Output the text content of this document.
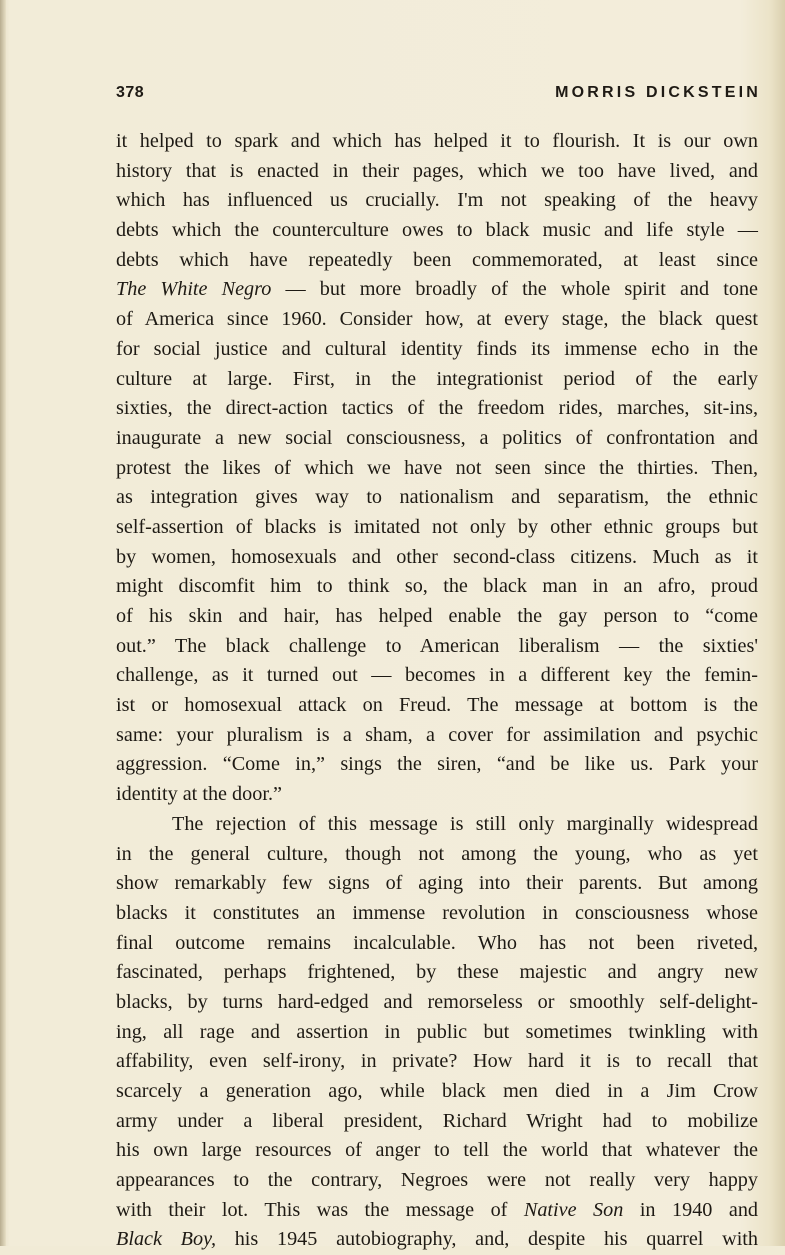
378	MORRIS DICKSTEIN
it helped to spark and which has helped it to flourish. It is our own
history that is enacted in their pages, which we too have lived, and
which has influenced us crucially. I'm not speaking of the heavy
debts which the counterculture owes to black music and life style —
debts which have repeatedly been commemorated, at least since
The White Negro — but more broadly of the whole spirit and tone
of America since 1960. Consider how, at every stage, the black quest
for social justice and cultural identity finds its immense echo in the
culture at large. First, in the integrationist period of the early
sixties, the direct-action tactics of the freedom rides, marches, sit-ins,
inaugurate a new social consciousness, a politics of confrontation and
protest the likes of which we have not seen since the thirties. Then,
as integration gives way to nationalism and separatism, the ethnic
self-assertion of blacks is imitated not only by other ethnic groups but
by women, homosexuals and other second-class citizens. Much as it
might discomfit him to think so, the black man in an afro, proud
of his skin and hair, has helped enable the gay person to “come
out.” The black challenge to American liberalism — the sixties'
challenge, as it turned out — becomes in a different key the femin-
ist or homosexual attack on Freud. The message at bottom is the
same: your pluralism is a sham, a cover for assimilation and psychic
aggression. “Come in,” sings the siren, “and be like us. Park your
identity at the door.”
The rejection of this message is still only marginally widespread
in the general culture, though not among the young, who as yet
show remarkably few signs of aging into their parents. But among
blacks it constitutes an immense revolution in consciousness whose
final outcome remains incalculable. Who has not been riveted,
fascinated, perhaps frightened, by these majestic and angry new
blacks, by turns hard-edged and remorseless or smoothly self-delight-
ing, all rage and assertion in public but sometimes twinkling with
affability, even self-irony, in private? How hard it is to recall that
scarcely a generation ago, while black men died in a Jim Crow
army under a liberal president, Richard Wright had to mobilize
his own large resources of anger to tell the world that whatever the
appearances to the contrary, Negroes were not really very happy
with their lot. This was the message of Native Son in 1940 and
Black Boy, his 1945 autobiography, and, despite his quarrel with
